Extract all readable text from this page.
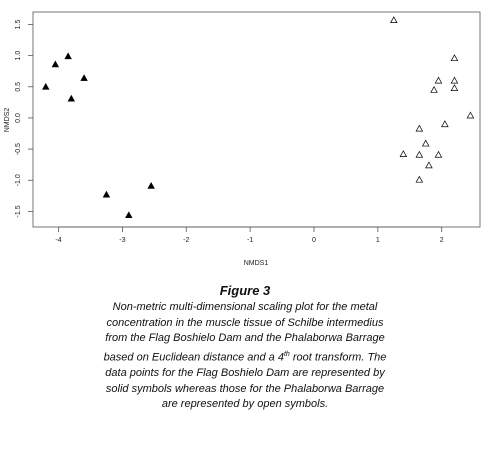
-4	-3	-2	-1	0	1	2
-1.5
-1.0
-0.5
0.0
0.5
1.0
1.5
NMDS1
NMDS2
Figure 3
Non-metric multi-dimensional scaling plot for the metal concentration in the muscle tissue of Schilbe intermedius from the Flag Boshielo Dam and the Phalaborwa Barrage based on Euclidean distance and a 4th root transform. The data points for the Flag Boshielo Dam are represented by solid symbols whereas those for the Phalaborwa Barrage are represented by open symbols.
